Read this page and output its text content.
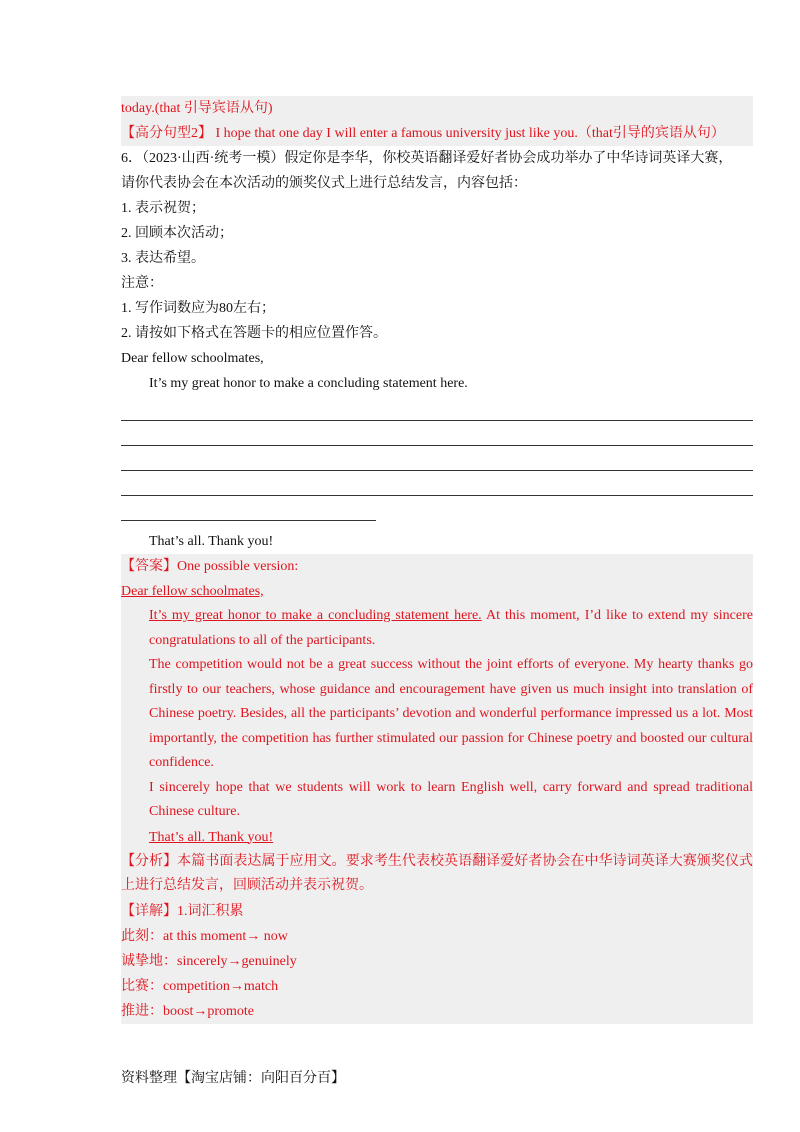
today.(that 引导宾语从句)
【高分句型2】 I hope that one day I will enter a famous university just like you.（that引导的宾语从句）
6．（2023·山西·统考一模）假定你是李华，你校英语翻译爱好者协会成功举办了中华诗词英译大赛，
请你代表协会在本次活动的颁奖仪式上进行总结发言，内容包括：
1. 表示祝贺；
2. 回顾本次活动；
3. 表达希望。
注意：
1. 写作词数应为80左右；
2. 请按如下格式在答题卡的相应位置作答。
Dear fellow schoolmates,
It’s my great honor to make a concluding statement here.
That’s all. Thank you!
【答案】One possible version:
Dear fellow schoolmates,
It’s my great honor to make a concluding statement here. At this moment, I’d like to extend my sincere congratulations to all of the participants.
The competition would not be a great success without the joint efforts of everyone. My hearty thanks go firstly to our teachers, whose guidance and encouragement have given us much insight into translation of Chinese poetry. Besides, all the participants’ devotion and wonderful performance impressed us a lot. Most importantly, the competition has further stimulated our passion for Chinese poetry and boosted our cultural confidence.
I sincerely hope that we students will work to learn English well, carry forward and spread traditional Chinese culture.
That’s all. Thank you!
【分析】本篇书面表达属于应用文。要求考生代表校英语翻译爱好者协会在中华诗词英译大赛颁奖仪式上进行总结发言，回顾活动并表示祝贺。
【详解】1.词汇积累
此刻：at this moment→ now
诚挚地：sincerely→genuinely
比赛：competition→match
推进：boost→promote
资料整理【淘宝店铺：向阳百分百】
